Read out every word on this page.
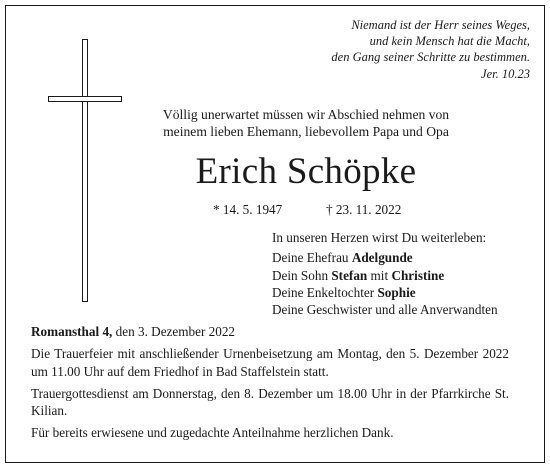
Niemand ist der Herr seines Weges,
und kein Mensch hat die Macht,
den Gang seiner Schritte zu bestimmen.

Jer. 10.23
Völlig unerwartet müssen wir Abschied nehmen von
meinem lieben Ehemann, liebevollem Papa und Opa
Erich Schöpke
* 14. 5. 1947	† 23. 11. 2022
In unseren Herzen wirst Du weiterleben:
Deine Ehefrau Adelgunde
Dein Sohn Stefan mit Christine
Deine Enkeltochter Sophie
Deine Geschwister und alle Anverwandten

Romansthal 4, den 3. Dezember 2022

Die Trauerfeier mit anschließender Urnenbeisetzung am Montag, den 5. Dezember 2022 um 11.00 Uhr auf dem Friedhof in Bad Staffelstein statt.

Trauergottesdienst am Donnerstag, den 8. Dezember um 18.00 Uhr in der Pfarrkirche St. Kilian.

Für bereits erwiesene und zugedachte Anteilnahme herzlichen Dank.
